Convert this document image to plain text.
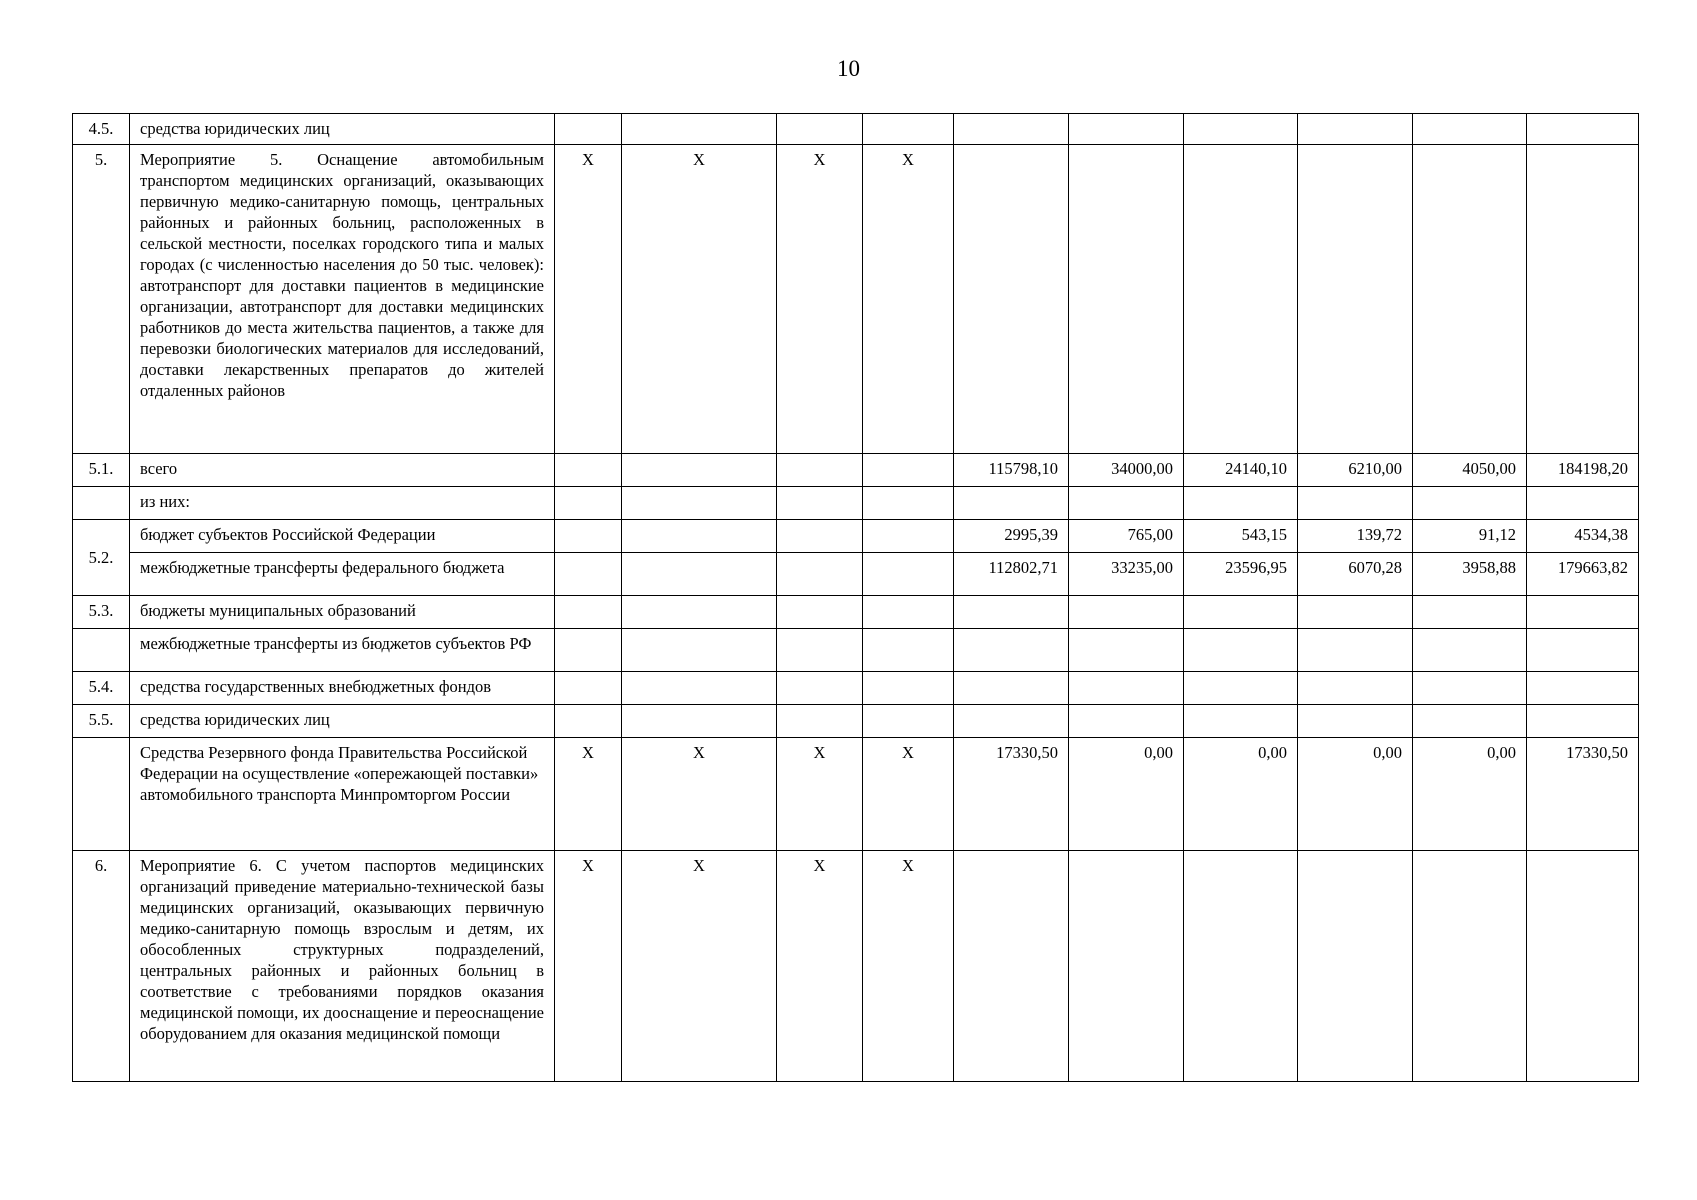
10
4.5.	средства юридических лиц										
5.	Мероприятие 5. Оснащение автомобильным транспортом медицинских организаций, оказывающих первичную медико-санитарную помощь, центральных районных и районных больниц, расположенных в сельской местности, поселках городского типа и малых городах (с численностью населения до 50 тыс. человек): автотранспорт для доставки пациентов в медицинские организации, автотранспорт для доставки медицинских работников до места жительства пациентов, а также для перевозки биологических материалов для исследований, доставки лекарственных препаратов до жителей отдаленных районов	Х	Х	Х	Х						
5.1.	всего					115798,10	34000,00	24140,10	6210,00	4050,00	184198,20
	из них:										
5.2.	бюджет субъектов Российской Федерации					2995,39	765,00	543,15	139,72	91,12	4534,38
	межбюджетные трансферты федерального бюджета					112802,71	33235,00	23596,95	6070,28	3958,88	179663,82
5.3.	бюджеты муниципальных образований										
	межбюджетные трансферты из бюджетов субъектов РФ										
5.4.	средства государственных внебюджетных фондов										
5.5.	средства юридических лиц										
	Средства Резервного фонда Правительства Российской Федерации на осуществление «опережающей поставки» автомобильного транспорта Минпромторгом России	Х	Х	Х	Х	17330,50	0,00	0,00	0,00	0,00	17330,50
6.	Мероприятие 6. С учетом паспортов медицинских организаций приведение материально-технической базы медицинских организаций, оказывающих первичную медико-санитарную помощь взрослым и детям, их обособленных структурных подразделений, центральных районных и районных больниц в соответствие с требованиями порядков оказания медицинской помощи, их дооснащение и переоснащение оборудованием для оказания медицинской помощи	Х	Х	Х	Х						
